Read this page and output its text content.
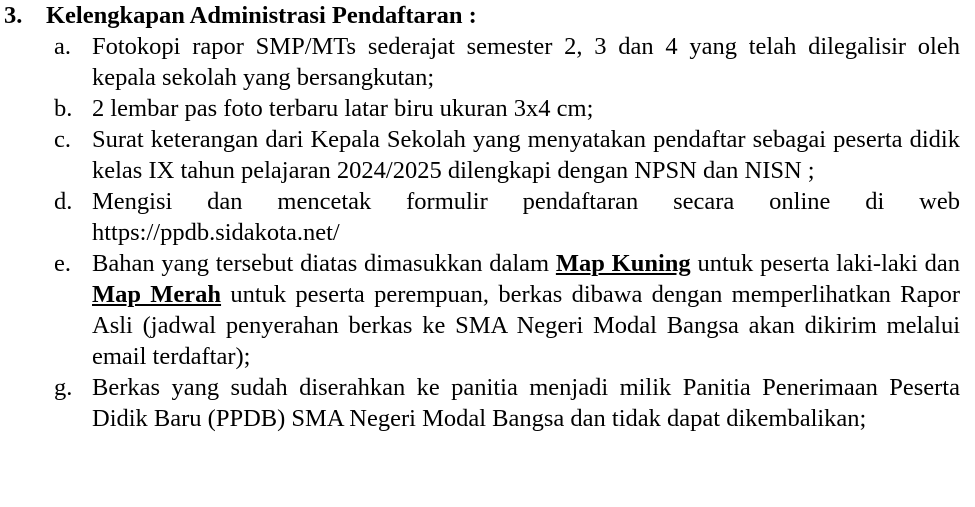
3. Kelengkapan Administrasi Pendaftaran :
a. Fotokopi rapor SMP/MTs sederajat semester 2, 3 dan 4 yang telah dilegalisir oleh kepala sekolah yang bersangkutan;
b. 2 lembar pas foto terbaru latar biru ukuran 3x4 cm;
c. Surat keterangan dari Kepala Sekolah yang menyatakan pendaftar sebagai peserta didik kelas IX tahun pelajaran 2024/2025 dilengkapi dengan NPSN dan NISN ;
d. Mengisi dan mencetak formulir pendaftaran secara online di web https://ppdb.sidakota.net/
e. Bahan yang tersebut diatas dimasukkan dalam Map Kuning untuk peserta laki-laki dan Map Merah untuk peserta perempuan, berkas dibawa dengan memperlihatkan Rapor Asli (jadwal penyerahan berkas ke SMA Negeri Modal Bangsa akan dikirim melalui email terdaftar);
g. Berkas yang sudah diserahkan ke panitia menjadi milik Panitia Penerimaan Peserta Didik Baru (PPDB) SMA Negeri Modal Bangsa dan tidak dapat dikembalikan;
